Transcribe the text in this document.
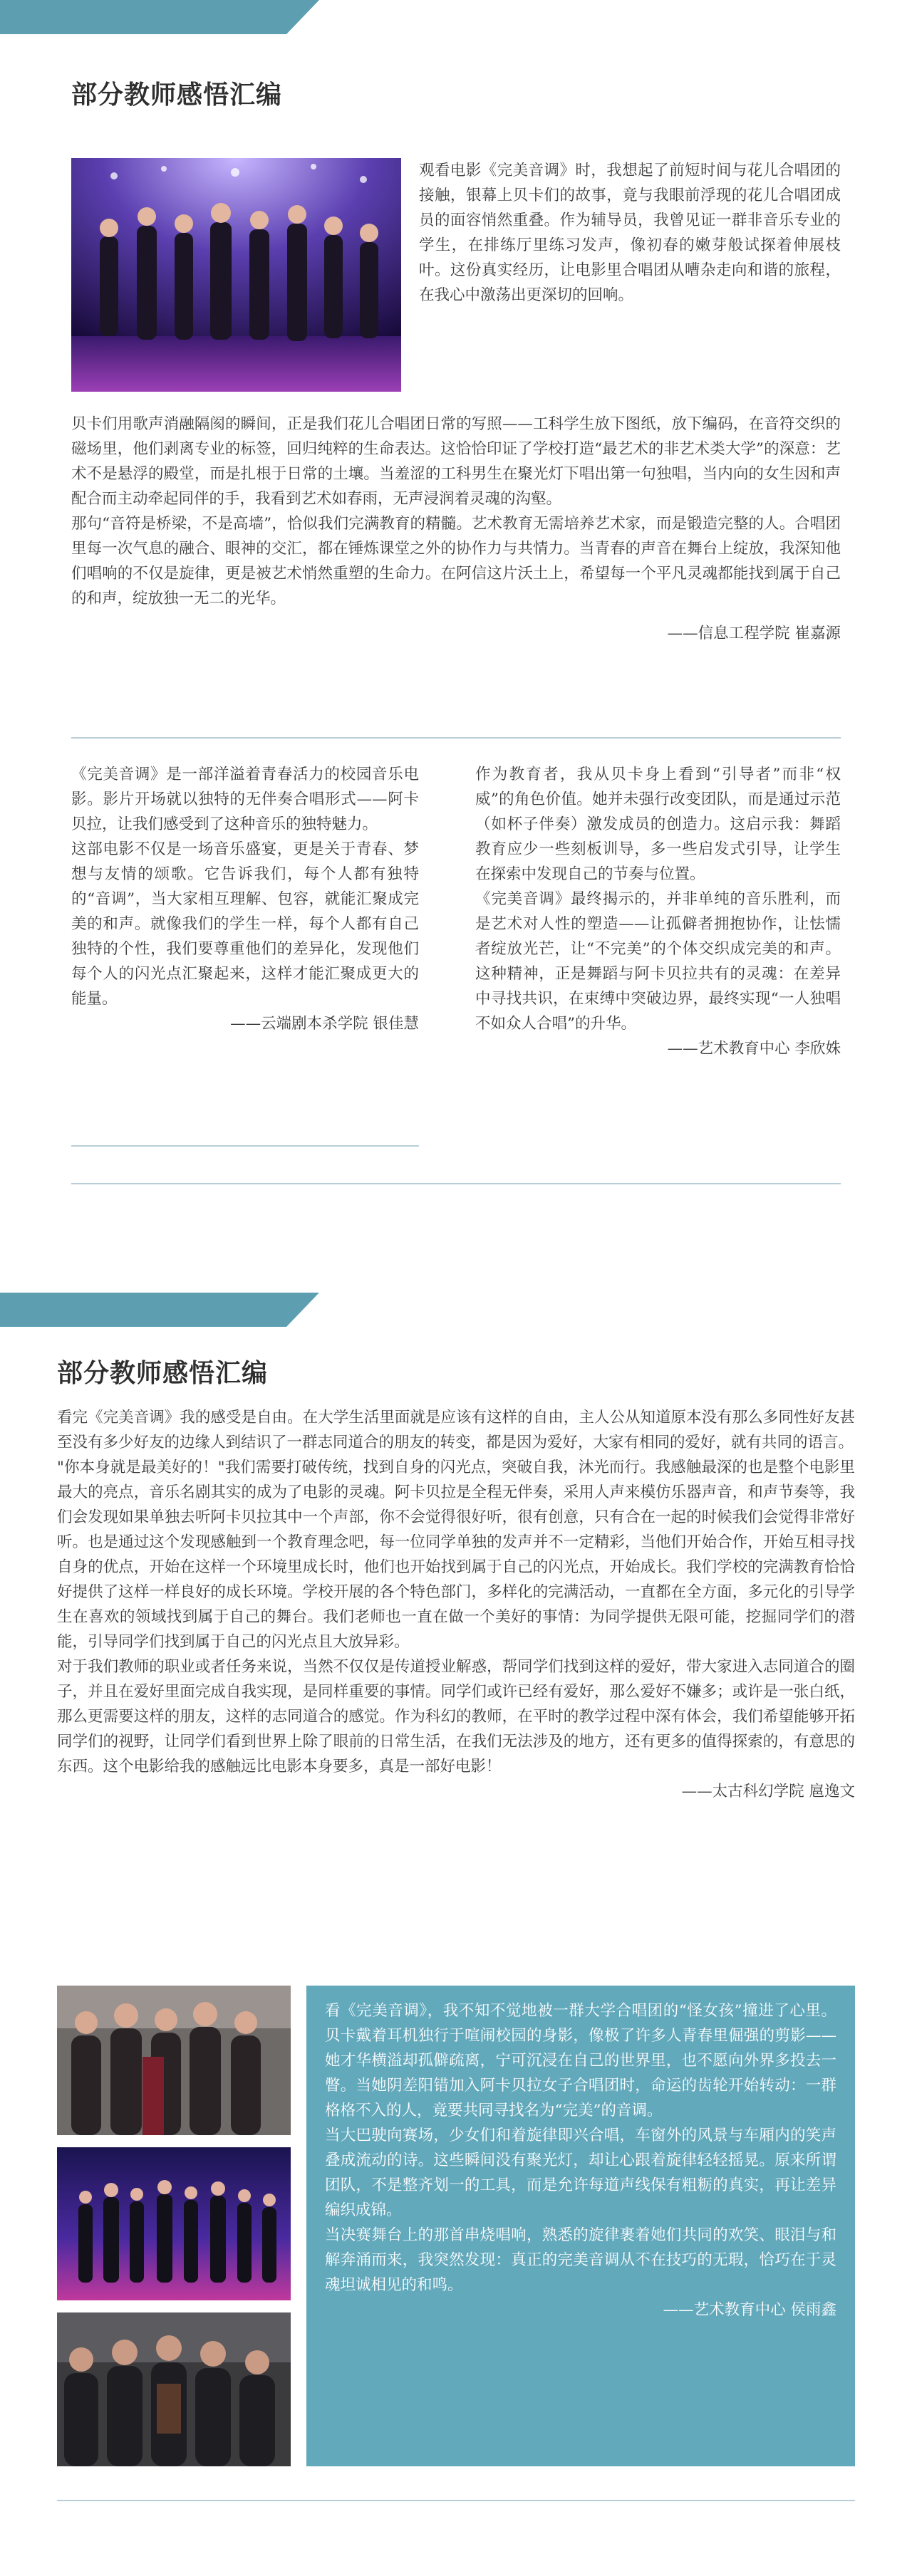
部分教师感悟汇编

观看电影《完美音调》时，我想起了前短时间与花儿合唱团的接触，银幕上贝卡们的故事，竟与我眼前浮现的花儿合唱团成员的面容悄然重叠。作为辅导员，我曾见证一群非音乐专业的学生，在排练厅里练习发声，像初春的嫩芽般试探着伸展枝叶。这份真实经历，让电影里合唱团从嘈杂走向和谐的旅程，在我心中激荡出更深切的回响。

贝卡们用歌声消融隔阂的瞬间，正是我们花儿合唱团日常的写照——工科学生放下图纸，放下编码，在音符交织的磁场里，他们剥离专业的标签，回归纯粹的生命表达。这恰恰印证了学校打造“最艺术的非艺术类大学”的深意：艺术不是悬浮的殿堂，而是扎根于日常的土壤。当羞涩的工科男生在聚光灯下唱出第一句独唱，当内向的女生因和声配合而主动牵起同伴的手，我看到艺术如春雨，无声浸润着灵魂的沟壑。

那句“音符是桥梁，不是高墙”，恰似我们完满教育的精髓。艺术教育无需培养艺术家，而是锻造完整的人。合唱团里每一次气息的融合、眼神的交汇，都在锤炼课堂之外的协作力与共情力。当青春的声音在舞台上绽放，我深知他们唱响的不仅是旋律，更是被艺术悄然重塑的生命力。在阿信这片沃土上，希望每一个平凡灵魂都能找到属于自己的和声，绽放独一无二的光华。

——信息工程学院 崔嘉源

《完美音调》是一部洋溢着青春活力的校园音乐电影。影片开场就以独特的无伴奏合唱形式——阿卡贝拉，让我们感受到了这种音乐的独特魅力。

这部电影不仅是一场音乐盛宴，更是关于青春、梦想与友情的颂歌。它告诉我们，每个人都有独特的“音调”，当大家相互理解、包容，就能汇聚成完美的和声。就像我们的学生一样，每个人都有自己独特的个性，我们要尊重他们的差异化，发现他们每个人的闪光点汇聚起来，这样才能汇聚成更大的能量。

——云端剧本杀学院 银佳慧

作为教育者，我从贝卡身上看到“引导者”而非“权威”的角色价值。她并未强行改变团队，而是通过示范（如杯子伴奏）激发成员的创造力。这启示我：舞蹈教育应少一些刻板训导，多一些启发式引导，让学生在探索中发现自己的节奏与位置。

《完美音调》最终揭示的，并非单纯的音乐胜利，而是艺术对人性的塑造——让孤僻者拥抱协作，让怯懦者绽放光芒，让“不完美”的个体交织成完美的和声。这种精神，正是舞蹈与阿卡贝拉共有的灵魂：在差异中寻找共识，在束缚中突破边界，最终实现“一人独唱不如众人合唱”的升华。

——艺术教育中心 李欣姝

部分教师感悟汇编

看完《完美音调》我的感受是自由。在大学生活里面就是应该有这样的自由，主人公从知道原本没有那么多同性好友甚至没有多少好友的边缘人到结识了一群志同道合的朋友的转变，都是因为爱好，大家有相同的爱好，就有共同的语言。

"你本身就是最美好的！"我们需要打破传统，找到自身的闪光点，突破自我，沐光而行。我感触最深的也是整个电影里最大的亮点，音乐名剧其实的成为了电影的灵魂。阿卡贝拉是全程无伴奏，采用人声来模仿乐器声音，和声节奏等，我们会发现如果单独去听阿卡贝拉其中一个声部，你不会觉得很好听，很有创意，只有合在一起的时候我们会觉得非常好听。也是通过这个发现感触到一个教育理念吧，每一位同学单独的发声并不一定精彩，当他们开始合作，开始互相寻找自身的优点，开始在这样一个环境里成长时，他们也开始找到属于自己的闪光点，开始成长。我们学校的完满教育恰恰好提供了这样一样良好的成长环境。学校开展的各个特色部门，多样化的完满活动，一直都在全方面，多元化的引导学生在喜欢的领域找到属于自己的舞台。我们老师也一直在做一个美好的事情：为同学提供无限可能，挖掘同学们的潜能，引导同学们找到属于自己的闪光点且大放异彩。

对于我们教师的职业或者任务来说，当然不仅仅是传道授业解惑，帮同学们找到这样的爱好，带大家进入志同道合的圈子，并且在爱好里面完成自我实现，是同样重要的事情。同学们或许已经有爱好，那么爱好不嫌多；或许是一张白纸，那么更需要这样的朋友，这样的志同道合的感觉。作为科幻的教师，在平时的教学过程中深有体会，我们希望能够开拓同学们的视野，让同学们看到世界上除了眼前的日常生活，在我们无法涉及的地方，还有更多的值得探索的，有意思的东西。这个电影给我的感触远比电影本身要多，真是一部好电影！

——太古科幻学院 扈逸文

看《完美音调》，我不知不觉地被一群大学合唱团的“怪女孩”撞进了心里。贝卡戴着耳机独行于喧闹校园的身影，像极了许多人青春里倔强的剪影——她才华横溢却孤僻疏离，宁可沉浸在自己的世界里，也不愿向外界多投去一瞥。当她阴差阳错加入阿卡贝拉女子合唱团时，命运的齿轮开始转动：一群格格不入的人，竟要共同寻找名为“完美”的音调。

当大巴驶向赛场，少女们和着旋律即兴合唱，车窗外的风景与车厢内的笑声叠成流动的诗。这些瞬间没有聚光灯，却让心跟着旋律轻轻摇晃。原来所谓团队，不是整齐划一的工具，而是允许每道声线保有粗粝的真实，再让差异编织成锦。

当决赛舞台上的那首串烧唱响，熟悉的旋律裹着她们共同的欢笑、眼泪与和解奔涌而来，我突然发现：真正的完美音调从不在技巧的无瑕，恰巧在于灵魂坦诚相见的和鸣。

——艺术教育中心 侯雨鑫
